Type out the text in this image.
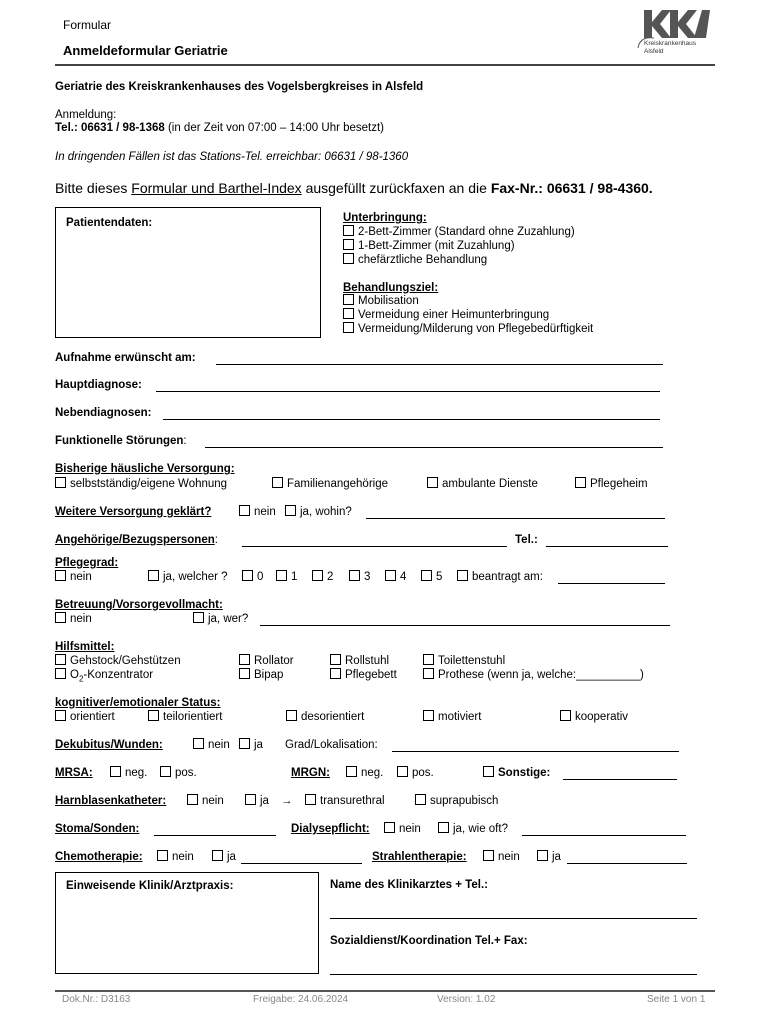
Formular
Anmeldeformular Geriatrie	Kreiskrankenhaus
Alsfeld
Geriatrie des Kreiskrankenhauses des Vogelsbergkreises in Alsfeld
Anmeldung:
Tel.: 06631 / 98-1368 (in der Zeit von 07:00 – 14:00 Uhr besetzt)
In dringenden Fällen ist das Stations-Tel. erreichbar: 06631 / 98-1360
Bitte dieses Formular und Barthel-Index ausgefüllt zurückfaxen an die Fax-Nr.: 06631 / 98-4360.
Patientendaten:	Unterbringung:
2-Bett-Zimmer (Standard ohne Zuzahlung)
1-Bett-Zimmer (mit Zuzahlung)
chefärztliche Behandlung
Behandlungsziel:
Mobilisation
Vermeidung einer Heimunterbringung
Vermeidung/Milderung von Pflegebedürftigkeit
Aufnahme erwünscht am:
Hauptdiagnose:
Nebendiagnosen:
Funktionelle Störungen:
Bisherige häusliche Versorgung:
selbstständig/eigene Wohnung	Familienangehörige	ambulante Dienste	Pflegeheim
Weitere Versorgung geklärt?	nein	ja, wohin?
Angehörige/Bezugspersonen:	Tel.:
Pflegegrad:
nein	ja, welcher ?	0	1	2	3	4	5	beantragt am:
Betreuung/Vorsorgevollmacht:
nein	ja, wer?
Hilfsmittel:
Gehstock/Gehstützen	Rollator	Rollstuhl	Toilettenstuhl
$O_2$-Konzentrator	Bipap	Pflegebett	Prothese (wenn ja, welche:__________)
kognitiver/emotionaler Status:
orientiert	teilorientiert	desorientiert	motiviert	kooperativ
Dekubitus/Wunden:	nein	ja Grad/Lokalisation:
MRSA:	neg.	pos.	MRGN:	neg.	pos.	Sonstige:
Harnblasenkatheter:	nein	ja →	transurethral	suprapubisch
Stoma/Sonden:	Dialysepflicht:	nein	ja, wie oft?
Chemotherapie:	nein	ja	Strahlentherapie:	nein	ja
Einweisende Klinik/Arztpraxis:	Name des Klinikarztes + Tel.:
Sozialdienst/Koordination Tel.+ Fax:
Dok.Nr.: D3163	Freigabe: 24.06.2024	Version: 1.02	Seite 1 von 1
